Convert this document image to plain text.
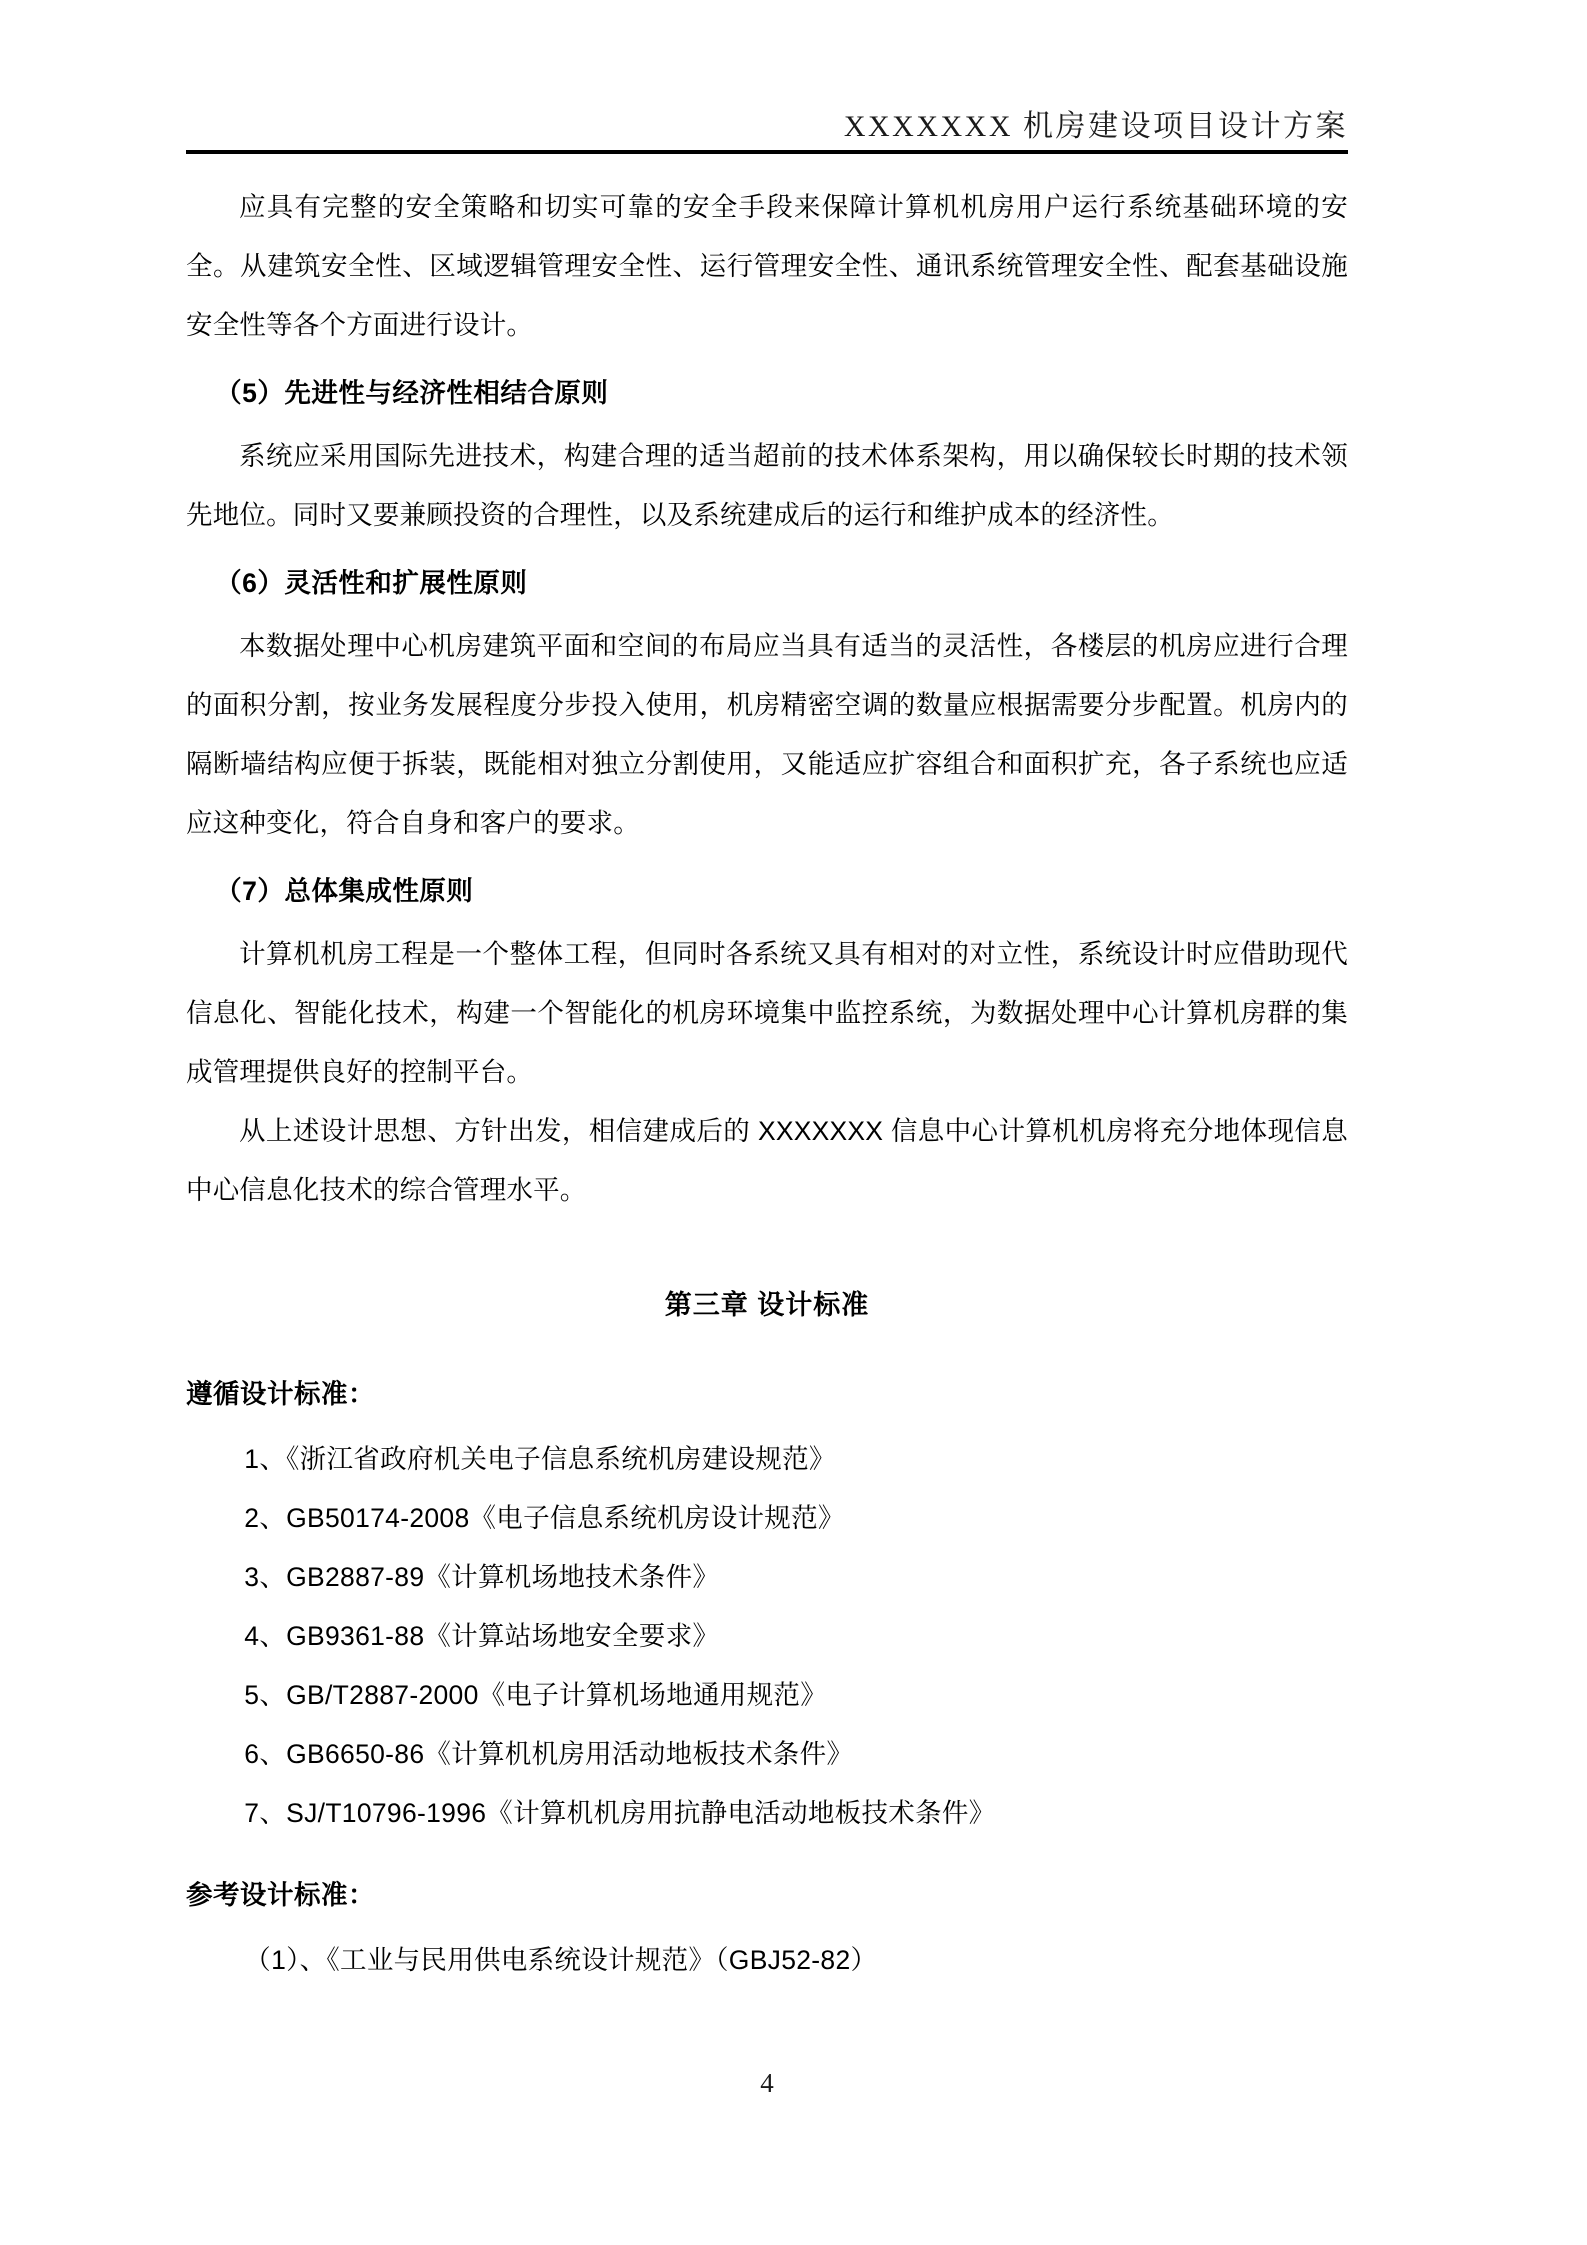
XXXXXXX 机房建设项目设计方案

应具有完整的安全策略和切实可靠的安全手段来保障计算机机房用户运行系统基础环境的安全。从建筑安全性、区域逻辑管理安全性、运行管理安全性、通讯系统管理安全性、配套基础设施安全性等各个方面进行设计。

（5）先进性与经济性相结合原则

系统应采用国际先进技术，构建合理的适当超前的技术体系架构，用以确保较长时期的技术领先地位。同时又要兼顾投资的合理性，以及系统建成后的运行和维护成本的经济性。

（6）灵活性和扩展性原则

本数据处理中心机房建筑平面和空间的布局应当具有适当的灵活性，各楼层的机房应进行合理的面积分割，按业务发展程度分步投入使用，机房精密空调的数量应根据需要分步配置。机房内的隔断墙结构应便于拆装，既能相对独立分割使用，又能适应扩容组合和面积扩充，各子系统也应适应这种变化，符合自身和客户的要求。

（7）总体集成性原则

计算机机房工程是一个整体工程，但同时各系统又具有相对的对立性，系统设计时应借助现代信息化、智能化技术，构建一个智能化的机房环境集中监控系统，为数据处理中心计算机房群的集成管理提供良好的控制平台。

从上述设计思想、方针出发，相信建成后的 XXXXXXX 信息中心计算机机房将充分地体现信息中心信息化技术的综合管理水平。

第三章 设计标准
遵循设计标准：

1、《浙江省政府机关电子信息系统机房建设规范》

2、GB50174-2008《电子信息系统机房设计规范》

3、GB2887-89《计算机场地技术条件》

4、GB9361-88《计算站场地安全要求》

5、GB/T2887-2000《电子计算机场地通用规范》

6、GB6650-86《计算机机房用活动地板技术条件》

7、SJ/T10796-1996《计算机机房用抗静电活动地板技术条件》

参考设计标准：

（1）、《工业与民用供电系统设计规范》（GBJ52-82）

4
